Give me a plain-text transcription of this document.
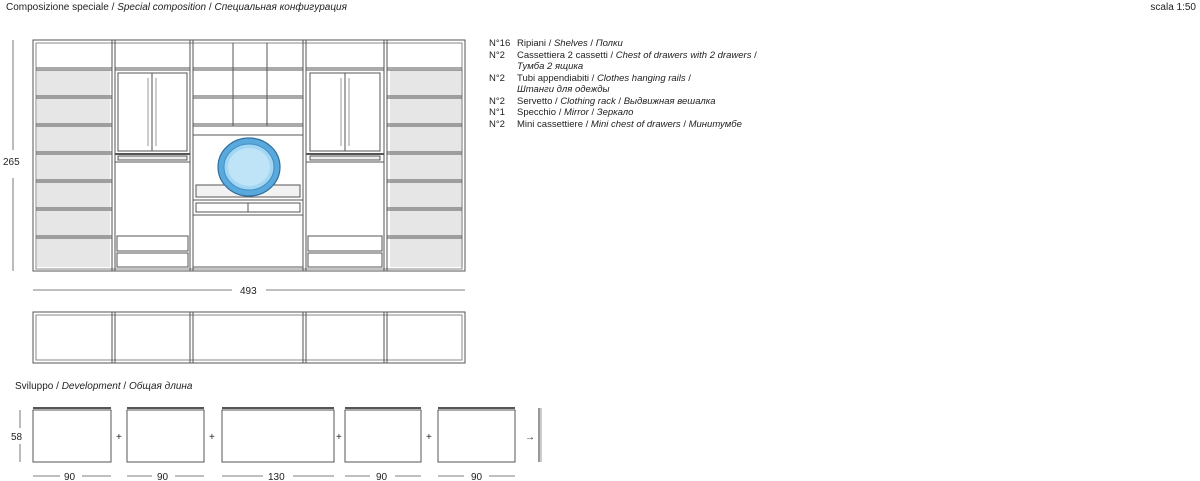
Composizione speciale / Special composition / Специальная конфигурация	scala 1:50
265
493
+	+	+	+	→
58
90	90	130	90	90
Sviluppo / Development / Общая длина
N°16 Ripiani / Shelves / Полки
N°2	Cassettiera 2 cassetti / Chest of drawers with 2 drawers /
Тумба 2 ящика
N°2	Tubi appendiabiti / Clothes hanging rails /
Штанги для одежды
N°2	Servetto / Clothing rack / Выдвижная вешалка
N°1	Specchio / Mirror / Зеркало
N°2	Mini cassettiere / Mini chest of drawers / Минитумбе
